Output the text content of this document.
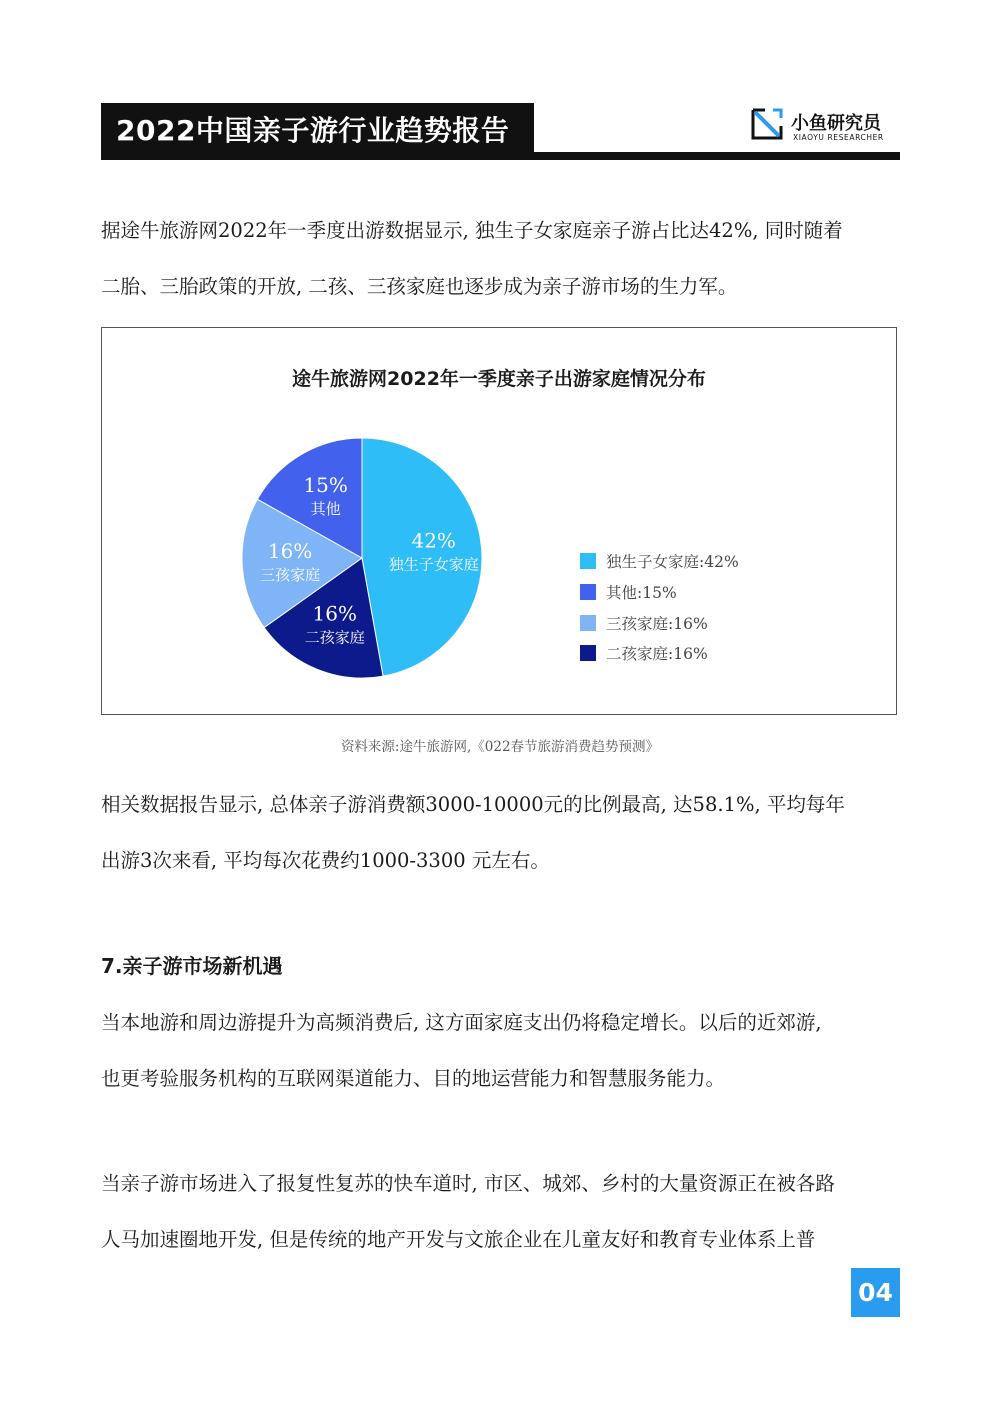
2022中国亲子游行业趋势报告	小鱼研究员
XIAOYU RESEARCHER

据途牛旅游网2022年一季度出游数据显示, 独生子女家庭亲子游占比达42%, 同时随着
二胎、三胎政策的开放, 二孩、三孩家庭也逐步成为亲子游市场的生力军。

途牛旅游网2022年一季度亲子出游家庭情况分布
42%
独生子女家庭
16%
二孩家庭
16%
三孩家庭
15%
其他
独生子女家庭:42%
其他:15%
三孩家庭:16%
二孩家庭:16%

资料来源:途牛旅游网,《022春节旅游消费趋势预测》

相关数据报告显示, 总体亲子游消费额3000-10000元的比例最高, 达58.1%, 平均每年
出游3次来看, 平均每次花费约1000-3300 元左右。

7.亲子游市场新机遇

当本地游和周边游提升为高频消费后, 这方面家庭支出仍将稳定增长。以后的近郊游,
也更考验服务机构的互联网渠道能力、目的地运营能力和智慧服务能力。

当亲子游市场进入了报复性复苏的快车道时, 市区、城郊、乡村的大量资源正在被各路
人马加速圈地开发, 但是传统的地产开发与文旅企业在儿童友好和教育专业体系上普

04
